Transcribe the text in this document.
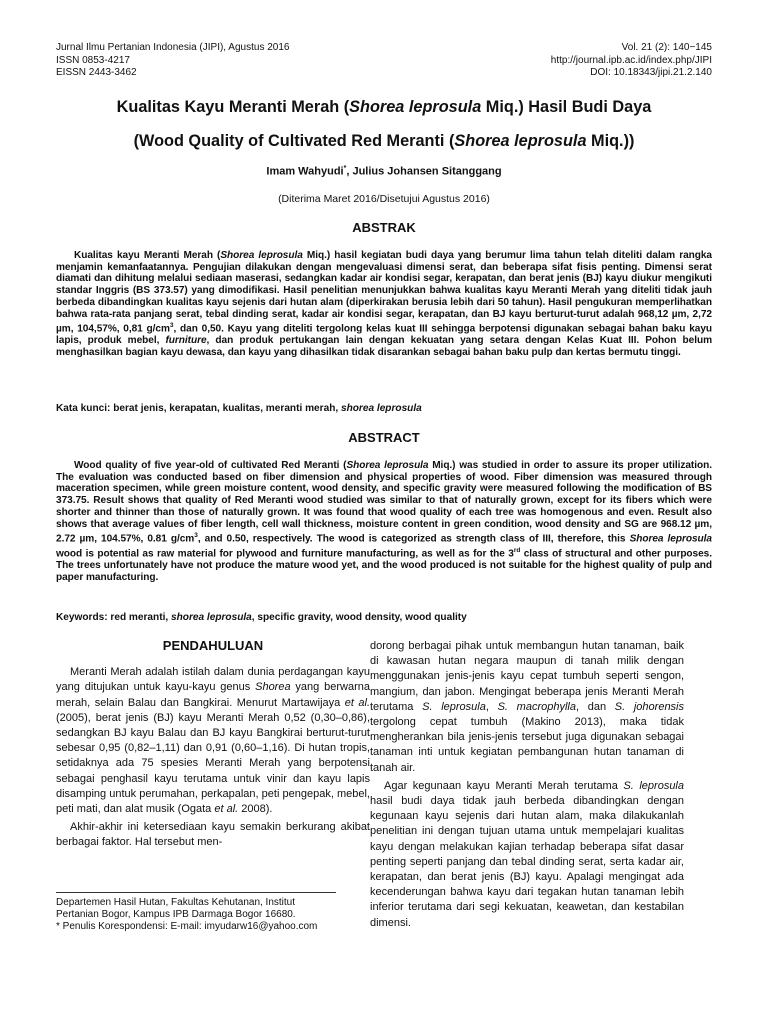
Jurnal Ilmu Pertanian Indonesia (JIPI), Agustus 2016
ISSN 0853-4217
EISSN 2443-3462
Vol. 21 (2): 140−145
http://journal.ipb.ac.id/index.php/JIPI
DOI: 10.18343/jipi.21.2.140
Kualitas Kayu Meranti Merah (Shorea leprosula Miq.) Hasil Budi Daya
(Wood Quality of Cultivated Red Meranti (Shorea leprosula Miq.))
Imam Wahyudi*, Julius Johansen Sitanggang
(Diterima Maret 2016/Disetujui Agustus 2016)
ABSTRAK

Kualitas kayu Meranti Merah (Shorea leprosula Miq.) hasil kegiatan budi daya yang berumur lima tahun telah diteliti dalam rangka menjamin kemanfaatannya. Pengujian dilakukan dengan mengevaluasi dimensi serat, dan beberapa sifat fisis penting. Dimensi serat diamati dan dihitung melalui sediaan maserasi, sedangkan kadar air kondisi segar, kerapatan, dan berat jenis (BJ) kayu diukur mengikuti standar Inggris (BS 373.57) yang dimodifikasi. Hasil penelitian menunjukkan bahwa kualitas kayu Meranti Merah yang diteliti tidak jauh berbeda dibandingkan kualitas kayu sejenis dari hutan alam (diperkirakan berusia lebih dari 50 tahun). Hasil pengukuran memperlihatkan bahwa rata-rata panjang serat, tebal dinding serat, kadar air kondisi segar, kerapatan, dan BJ kayu berturut-turut adalah 968,12 µm, 2,72 µm, 104,57%, 0,81 $g/cm^3$, dan 0,50. Kayu yang diteliti tergolong kelas kuat III sehingga berpotensi digunakan sebagai bahan baku kayu lapis, produk mebel, furniture, dan produk pertukangan lain dengan kekuatan yang setara dengan Kelas Kuat III. Pohon belum menghasilkan bagian kayu dewasa, dan kayu yang dihasilkan tidak disarankan sebagai bahan baku pulp dan kertas bermutu tinggi.

Kata kunci: berat jenis, kerapatan, kualitas, meranti merah, shorea leprosula
ABSTRACT

Wood quality of five year-old of cultivated Red Meranti (Shorea leprosula Miq.) was studied in order to assure its proper utilization. The evaluation was conducted based on fiber dimension and physical properties of wood. Fiber dimension was measured through maceration specimen, while green moisture content, wood density, and specific gravity were measured following the modification of BS 373.75. Result shows that quality of Red Meranti wood studied was similar to that of naturally grown, except for its fibers which were shorter and thinner than those of naturally grown. It was found that wood quality of each tree was homogenous and even. Result also shows that average values of fiber length, cell wall thickness, moisture content in green condition, wood density and SG are 968.12 µm, 2.72 µm, 104.57%, 0.81 $g/cm^3$, and 0.50, respectively. The wood is categorized as strength class of III, therefore, this Shorea leprosula wood is potential as raw material for plywood and furniture manufacturing, as well as for the 3rd class of structural and other purposes. The trees unfortunately have not produce the mature wood yet, and the wood produced is not suitable for the highest quality of pulp and paper manufacturing.

Keywords: red meranti, shorea leprosula, specific gravity, wood density, wood quality
PENDAHULUAN

Meranti Merah adalah istilah dalam dunia perdagangan kayu yang ditujukan untuk kayu-kayu genus Shorea yang berwarna merah, selain Balau dan Bangkirai. Menurut Martawijaya et al. (2005), berat jenis (BJ) kayu Meranti Merah 0,52 (0,30–0,86), sedangkan BJ kayu Balau dan BJ kayu Bangkirai berturut-turut sebesar 0,95 (0,82–1,11) dan 0,91 (0,60–1,16). Di hutan tropis, setidaknya ada 75 spesies Meranti Merah yang berpotensi sebagai penghasil kayu terutama untuk vinir dan kayu lapis disamping untuk perumahan, perkapalan, peti pengepak, mebel, peti mati, dan alat musik (Ogata et al. 2008).

Akhir-akhir ini ketersediaan kayu semakin berkurang akibat berbagai faktor. Hal tersebut men-

dorong berbagai pihak untuk membangun hutan tanaman, baik di kawasan hutan negara maupun di tanah milik dengan menggunakan jenis-jenis kayu cepat tumbuh seperti sengon, mangium, dan jabon. Mengingat beberapa jenis Meranti Merah terutama S. leprosula, S. macrophylla, dan S. johorensis tergolong cepat tumbuh (Makino 2013), maka tidak mengherankan bila jenis-jenis tersebut juga digunakan sebagai tanaman inti untuk kegiatan pembangunan hutan tanaman di tanah air.

Agar kegunaan kayu Meranti Merah terutama S. leprosula hasil budi daya tidak jauh berbeda dibandingkan dengan kegunaan kayu sejenis dari hutan alam, maka dilakukanlah penelitian ini dengan tujuan utama untuk mempelajari kualitas kayu dengan melakukan kajian terhadap beberapa sifat dasar penting seperti panjang dan tebal dinding serat, serta kadar air, kerapatan, dan berat jenis (BJ) kayu. Apalagi mengingat ada kecenderungan bahwa kayu dari tegakan hutan tanaman lebih inferior terutama dari segi kekuatan, keawetan, dan kestabilan dimensi.

Departemen Hasil Hutan, Fakultas Kehutanan, Institut Pertanian Bogor, Kampus IPB Darmaga Bogor 16680.

* Penulis Korespondensi: E-mail: imyudarw16@yahoo.com
